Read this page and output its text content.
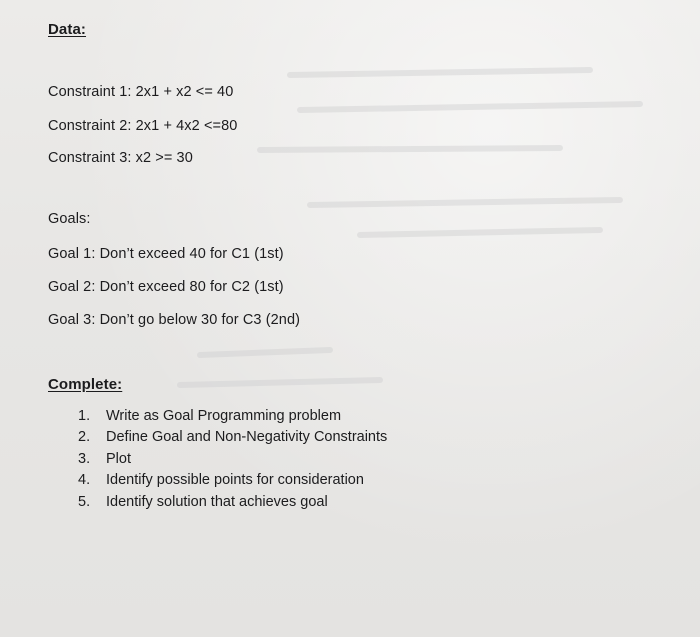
Data:

Constraint 1: 2x1 + x2 <= 40

Constraint 2: 2x1 + 4x2 <=80

Constraint 3: x2 >= 30

Goals:

Goal 1: Don’t exceed 40 for C1 (1st)

Goal 2: Don’t exceed 80 for C2 (1st)

Goal 3: Don’t go below 30 for C3 (2nd)

Complete:
1.	Write as Goal Programming problem
2.	Define Goal and Non-Negativity Constraints
3.	Plot
4.	Identify possible points for consideration
5.	Identify solution that achieves goal
